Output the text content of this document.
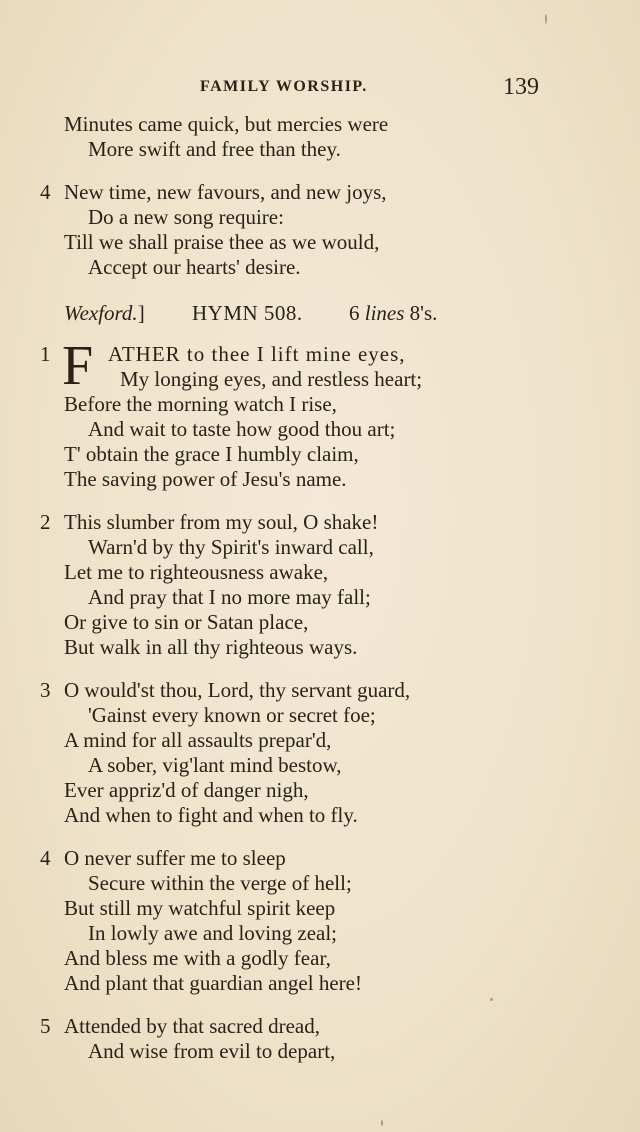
FAMILY WORSHIP.	139
Minutes came quick, but mercies were
More swift and free than they.
4 New time, new favours, and new joys,
Do a new song require:
Till we shall praise thee as we would,
Accept our hearts' desire.
Wexford.] HYMN 508. 6 lines 8's.
1 F ATHER to thee I lift mine eyes,
My longing eyes, and restless heart;
Before the morning watch I rise,
And wait to taste how good thou art;
T' obtain the grace I humbly claim,
The saving power of Jesu's name.
2 This slumber from my soul, O shake!
Warn'd by thy Spirit's inward call,
Let me to righteousness awake,
And pray that I no more may fall;
Or give to sin or Satan place,
But walk in all thy righteous ways.
3 O would'st thou, Lord, thy servant guard,
'Gainst every known or secret foe;
A mind for all assaults prepar'd,
A sober, vig'lant mind bestow,
Ever appriz'd of danger nigh,
And when to fight and when to fly.
4 O never suffer me to sleep
Secure within the verge of hell;
But still my watchful spirit keep
In lowly awe and loving zeal;
And bless me with a godly fear,
And plant that guardian angel here!
5 Attended by that sacred dread,
And wise from evil to depart,
